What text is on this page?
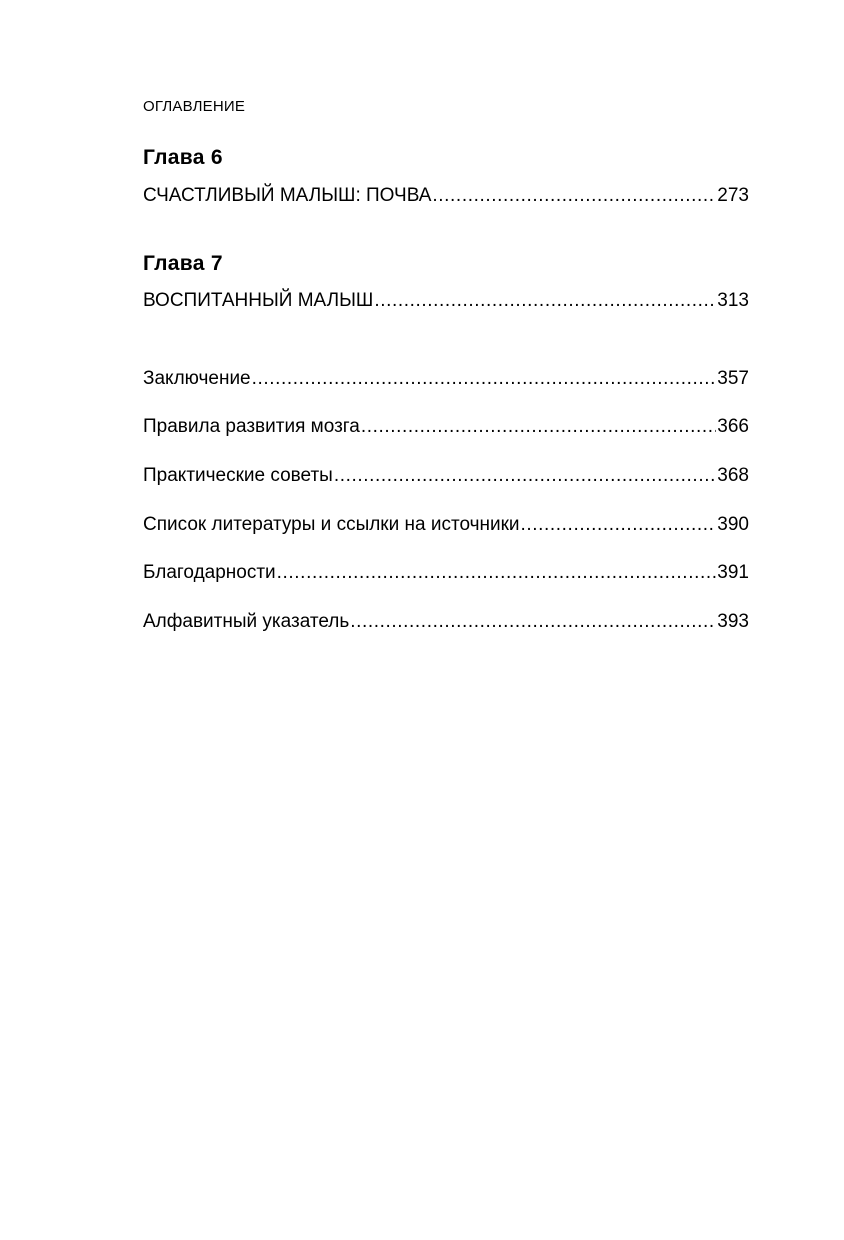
ОГЛАВЛЕНИЕ
Глава 6
СЧАСТЛИВЫЙ МАЛЫШ: ПОЧВА .....	273
Глава 7
ВОСПИТАННЫЙ МАЛЫШ .....	313
Заключение .....	357
Правила развития мозга .....	366
Практические советы .....	368
Список литературы и ссылки на источники .....	390
Благодарности .....	391
Алфавитный указатель .....	393
